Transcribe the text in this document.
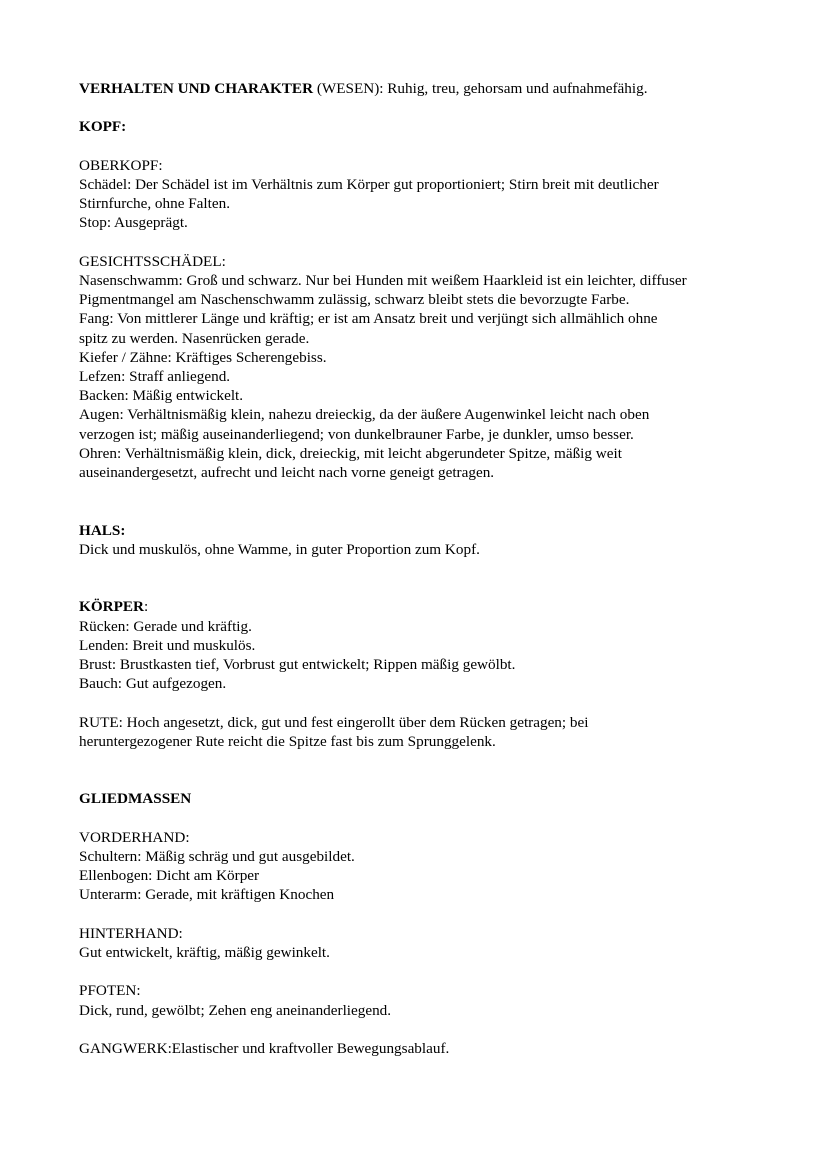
VERHALTEN UND CHARAKTER (WESEN): Ruhig, treu, gehorsam und aufnahmefähig.

KOPF:

OBERKOPF:

Schädel: Der Schädel ist im Verhältnis zum Körper gut proportioniert; Stirn breit mit deutlicher

Stirnfurche, ohne Falten.

Stop: Ausgeprägt.

GESICHTSSCHÄDEL:

Nasenschwamm: Groß und schwarz. Nur bei Hunden mit weißem Haarkleid ist ein leichter, diffuser

Pigmentmangel am Naschenschwamm zulässig, schwarz bleibt stets die bevorzugte Farbe.

Fang: Von mittlerer Länge und kräftig; er ist am Ansatz breit und verjüngt sich allmählich ohne

spitz zu werden. Nasenrücken gerade.

Kiefer / Zähne: Kräftiges Scherengebiss.

Lefzen: Straff anliegend.

Backen: Mäßig entwickelt.

Augen: Verhältnismäßig klein, nahezu dreieckig, da der äußere Augenwinkel leicht nach oben

verzogen ist; mäßig auseinanderliegend; von dunkelbrauner Farbe, je dunkler, umso besser.

Ohren: Verhältnismäßig klein, dick, dreieckig, mit leicht abgerundeter Spitze, mäßig weit

auseinandergesetzt, aufrecht und leicht nach vorne geneigt getragen.

HALS:

Dick und muskulös, ohne Wamme, in guter Proportion zum Kopf.

KÖRPER:

Rücken: Gerade und kräftig.

Lenden: Breit und muskulös.

Brust: Brustkasten tief, Vorbrust gut entwickelt; Rippen mäßig gewölbt.

Bauch: Gut aufgezogen.

RUTE: Hoch angesetzt, dick, gut und fest eingerollt über dem Rücken getragen; bei

heruntergezogener Rute reicht die Spitze fast bis zum Sprunggelenk.

GLIEDMASSEN

VORDERHAND:

Schultern: Mäßig schräg und gut ausgebildet.

Ellenbogen: Dicht am Körper

Unterarm: Gerade, mit kräftigen Knochen

HINTERHAND:

Gut entwickelt, kräftig, mäßig gewinkelt.

PFOTEN:

Dick, rund, gewölbt; Zehen eng aneinanderliegend.

GANGWERK:Elastischer und kraftvoller Bewegungsablauf.
